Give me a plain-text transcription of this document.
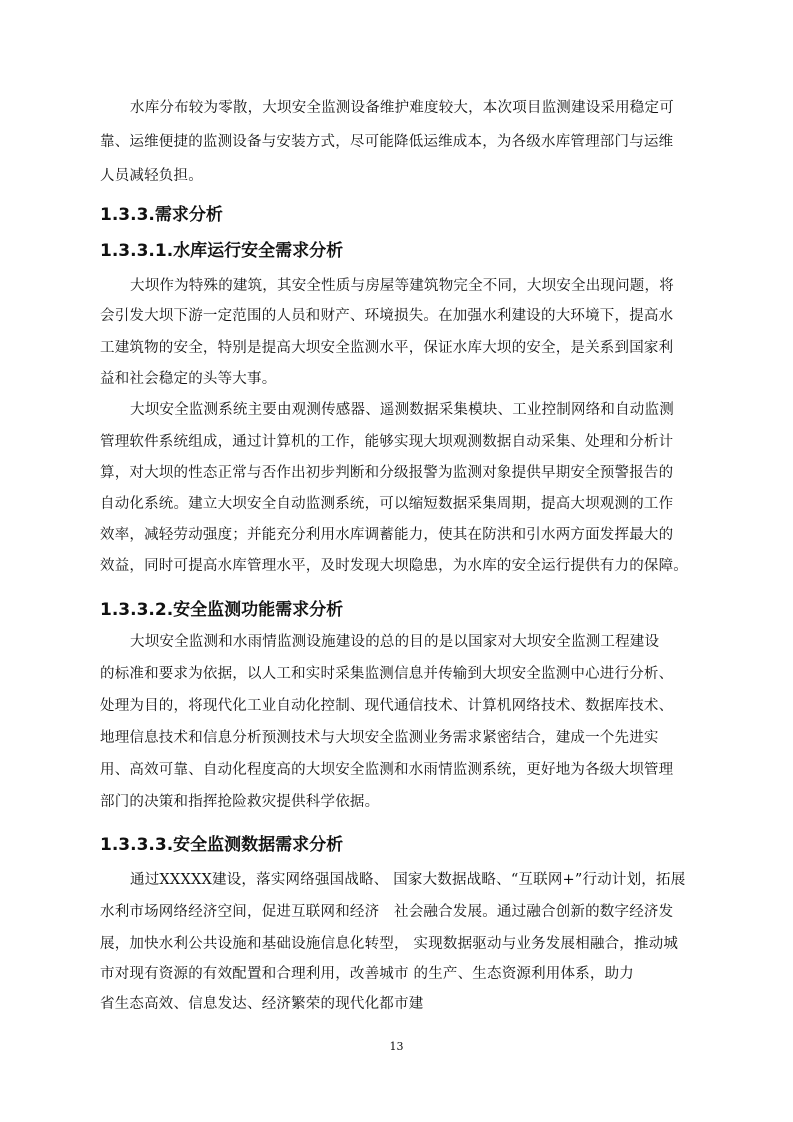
水库分布较为零散，大坝安全监测设备维护难度较大，本次项目监测建设采用稳定可
靠、运维便捷的监测设备与安装方式，尽可能降低运维成本，为各级水库管理部门与运维
人员减轻负担。
1.3.3.需求分析
1.3.3.1.水库运行安全需求分析
大坝作为特殊的建筑，其安全性质与房屋等建筑物完全不同，大坝安全出现问题，将
会引发大坝下游一定范围的人员和财产、环境损失。在加强水利建设的大环境下，提高水
工建筑物的安全，特别是提高大坝安全监测水平，保证水库大坝的安全，是关系到国家利
益和社会稳定的头等大事。
大坝安全监测系统主要由观测传感器、遥测数据采集模块、工业控制网络和自动监测
管理软件系统组成，通过计算机的工作，能够实现大坝观测数据自动采集、处理和分析计
算，对大坝的性态正常与否作出初步判断和分级报警为监测对象提供早期安全预警报告的
自动化系统。建立大坝安全自动监测系统，可以缩短数据采集周期，提高大坝观测的工作
效率，减轻劳动强度；并能充分利用水库调蓄能力，使其在防洪和引水两方面发挥最大的
效益，同时可提高水库管理水平，及时发现大坝隐患，为水库的安全运行提供有力的保障。
1.3.3.2.安全监测功能需求分析
大坝安全监测和水雨情监测设施建设的总的目的是以国家对大坝安全监测工程建设
的标准和要求为依据，以人工和实时采集监测信息并传输到大坝安全监测中心进行分析、
处理为目的，将现代化工业自动化控制、现代通信技术、计算机网络技术、数据库技术、
地理信息技术和信息分析预测技术与大坝安全监测业务需求紧密结合，建成一个先进实
用、高效可靠、自动化程度高的大坝安全监测和水雨情监测系统，更好地为各级大坝管理
部门的决策和指挥抢险救灾提供科学依据。
1.3.3.3.安全监测数据需求分析
通过XXXXX建设，落实网络强国战略、 国家大数据战略、“互联网+”行动计划，拓展
水利市场网络经济空间，促进互联网和经济　社会融合发展。通过融合创新的数字经济发
展，加快水利公共设施和基础设施信息化转型， 实现数据驱动与业务发展相融合，推动城
市对现有资源的有效配置和合理利用，改善城市 的生产、生态资源利用体系，助力
省生态高效、信息发达、经济繁荣的现代化都市建
13
